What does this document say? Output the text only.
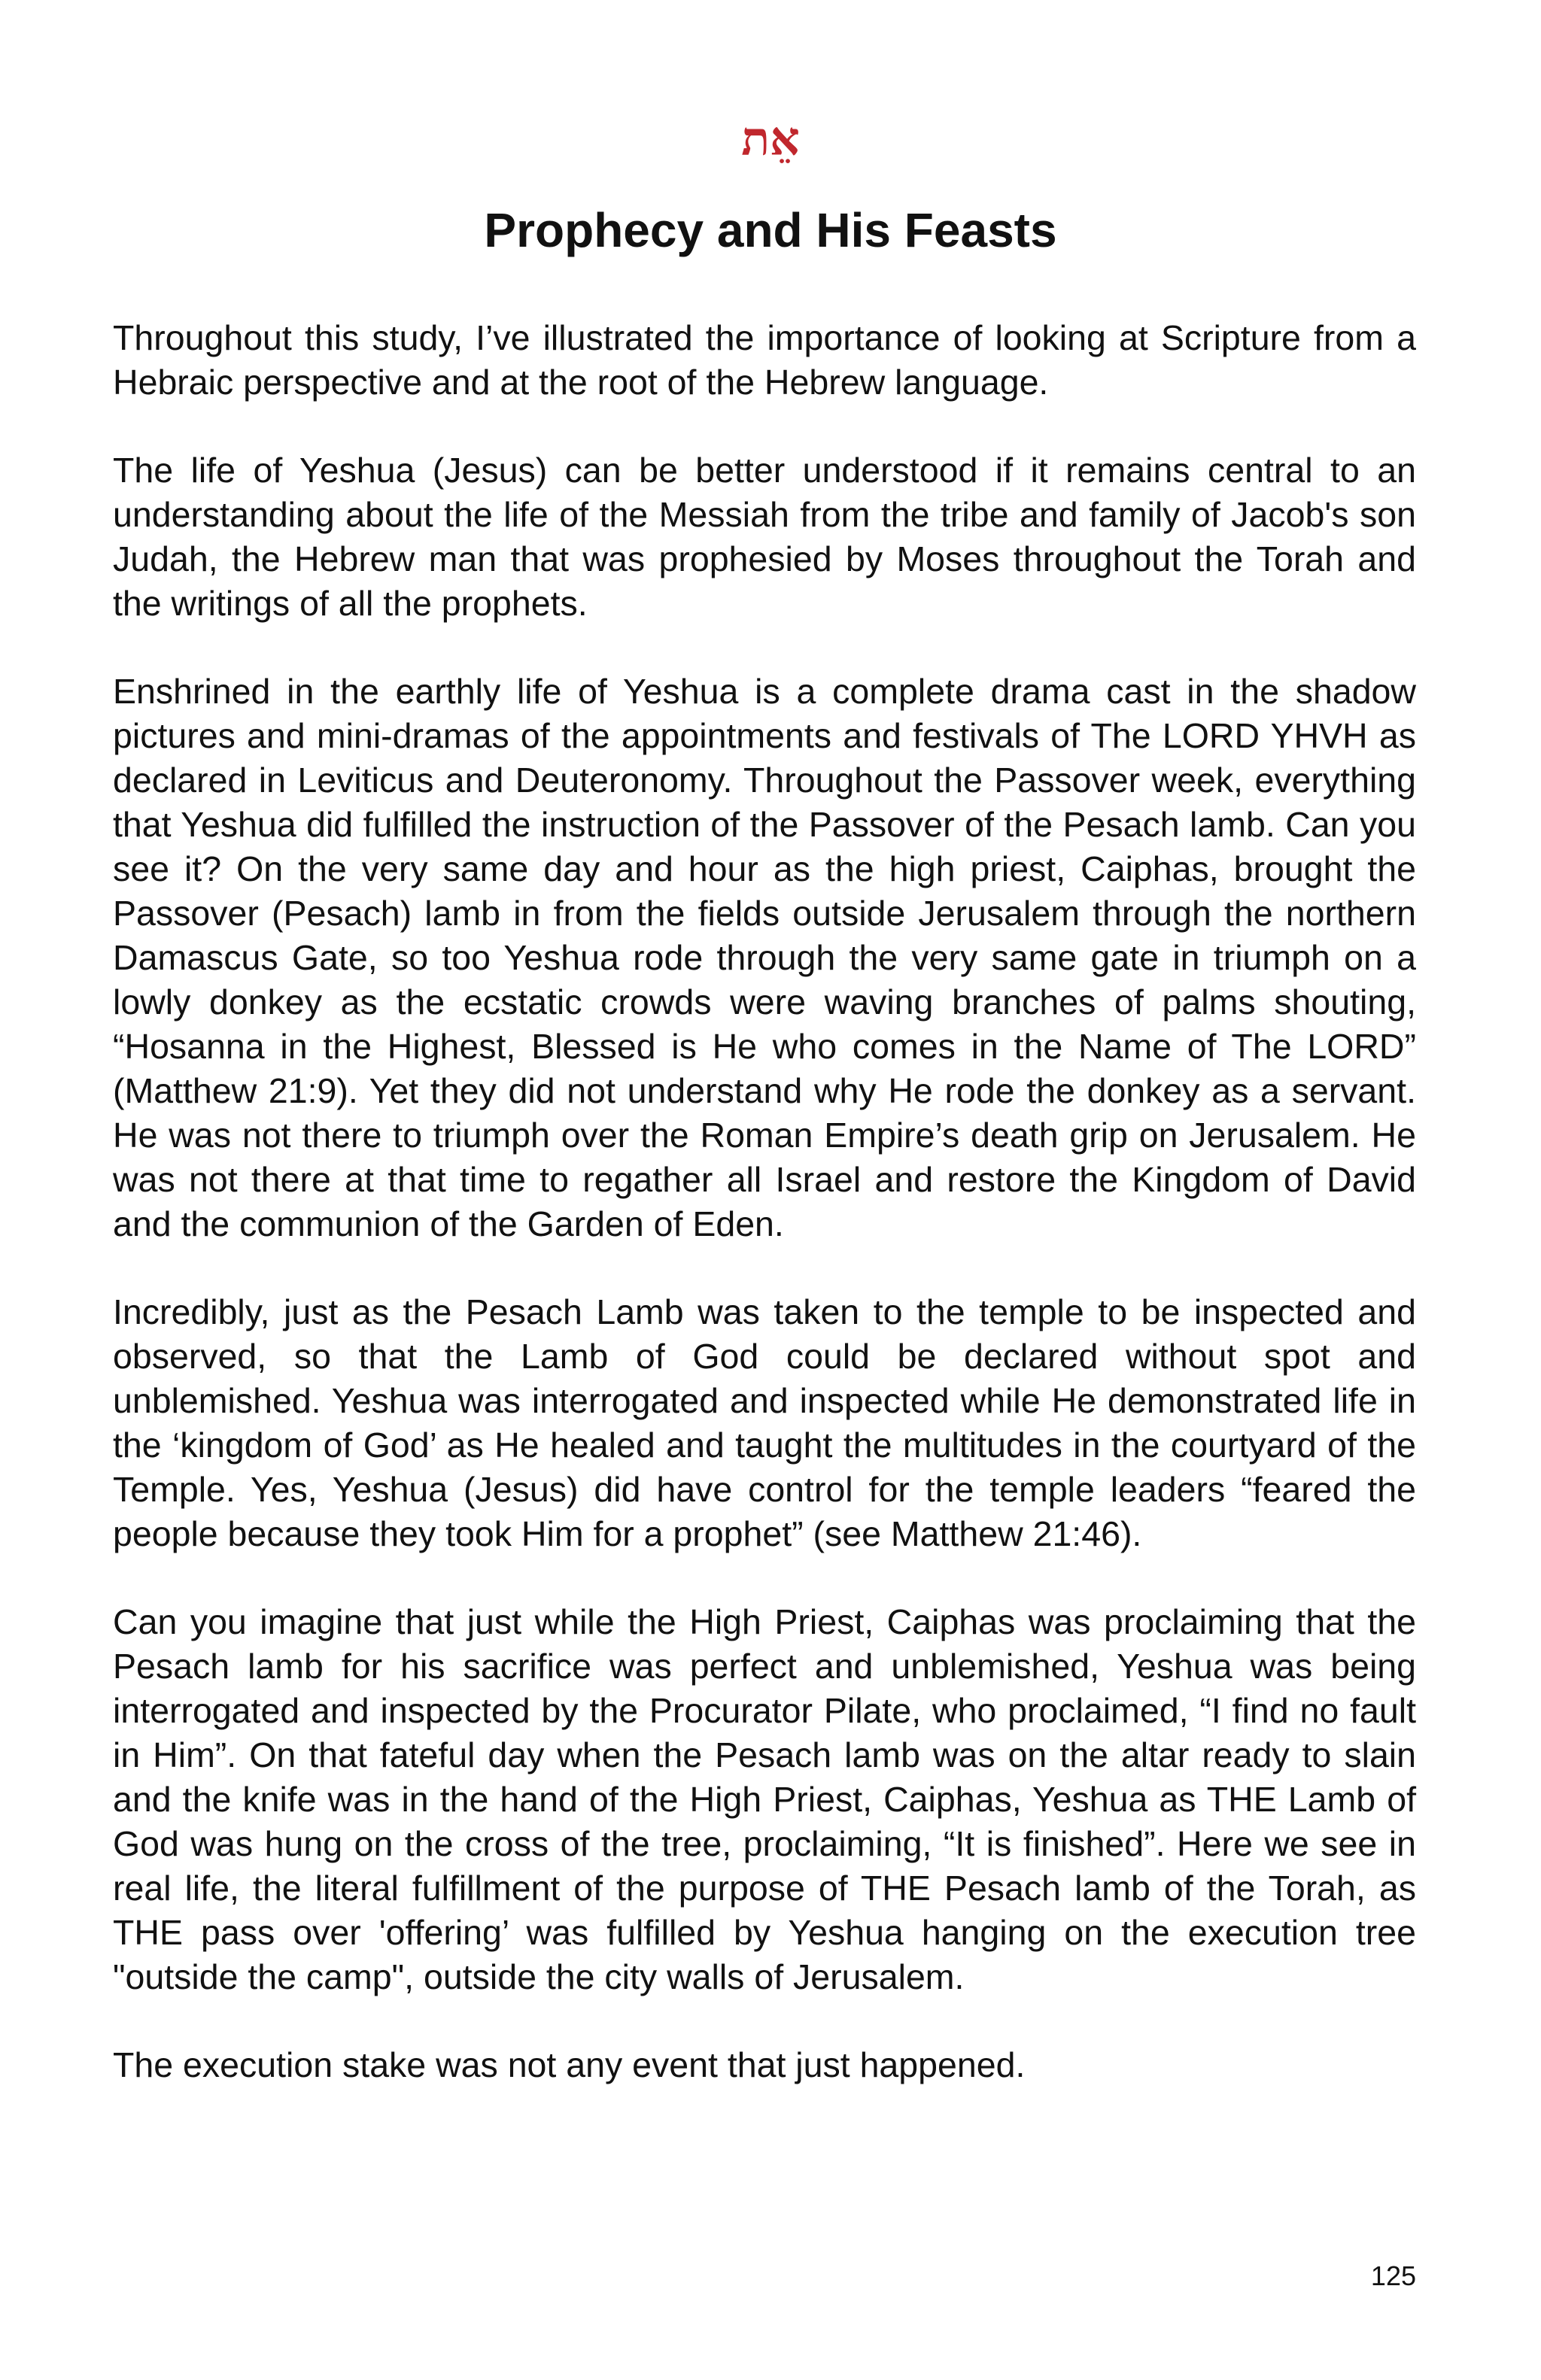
אֵת
Prophecy and His Feasts

Throughout this study, I’ve illustrated the importance of looking at Scripture from a Hebraic perspective and at the root of the Hebrew language.

The life of Yeshua (Jesus) can be better understood if it remains central to an understanding about the life of the Messiah from the tribe and family of Jacob's son Judah, the Hebrew man that was prophesied by Moses throughout the Torah and the writings of all the prophets.

Enshrined in the earthly life of Yeshua is a complete drama cast in the shadow pictures and mini-dramas of the appointments and festivals of The LORD YHVH as declared in Leviticus and Deuteronomy. Throughout the Passover week, everything that Yeshua did fulfilled the instruction of the Passover of the Pesach lamb. Can you see it? On the very same day and hour as the high priest, Caiphas, brought the Passover (Pesach) lamb in from the fields outside Jerusalem through the northern Damascus Gate, so too Yeshua rode through the very same gate in triumph on a lowly donkey as the ecstatic crowds were waving branches of palms shouting, “Hosanna in the Highest, Blessed is He who comes in the Name of The LORD” (Matthew 21:9). Yet they did not understand why He rode the donkey as a servant. He was not there to triumph over the Roman Empire’s death grip on Jerusalem. He was not there at that time to regather all Israel and restore the Kingdom of David and the communion of the Garden of Eden.

Incredibly, just as the Pesach Lamb was taken to the temple to be inspected and observed, so that the Lamb of God could be declared without spot and unblemished. Yeshua was interrogated and inspected while He demonstrated life in the ‘kingdom of God’ as He healed and taught the multitudes in the courtyard of the Temple. Yes, Yeshua (Jesus) did have control for the temple leaders “feared the people because they took Him for a prophet” (see Matthew 21:46).

Can you imagine that just while the High Priest, Caiphas was proclaiming that the Pesach lamb for his sacrifice was perfect and unblemished, Yeshua was being interrogated and inspected by the Procurator Pilate, who proclaimed, “I find no fault in Him”. On that fateful day when the Pesach lamb was on the altar ready to slain and the knife was in the hand of the High Priest, Caiphas, Yeshua as THE Lamb of God was hung on the cross of the tree, proclaiming, “It is finished”. Here we see in real life, the literal fulfillment of the purpose of THE Pesach lamb of the Torah, as THE pass over 'offering’ was fulfilled by Yeshua hanging on the execution tree "outside the camp", outside the city walls of Jerusalem.

The execution stake was not any event that just happened.

125
